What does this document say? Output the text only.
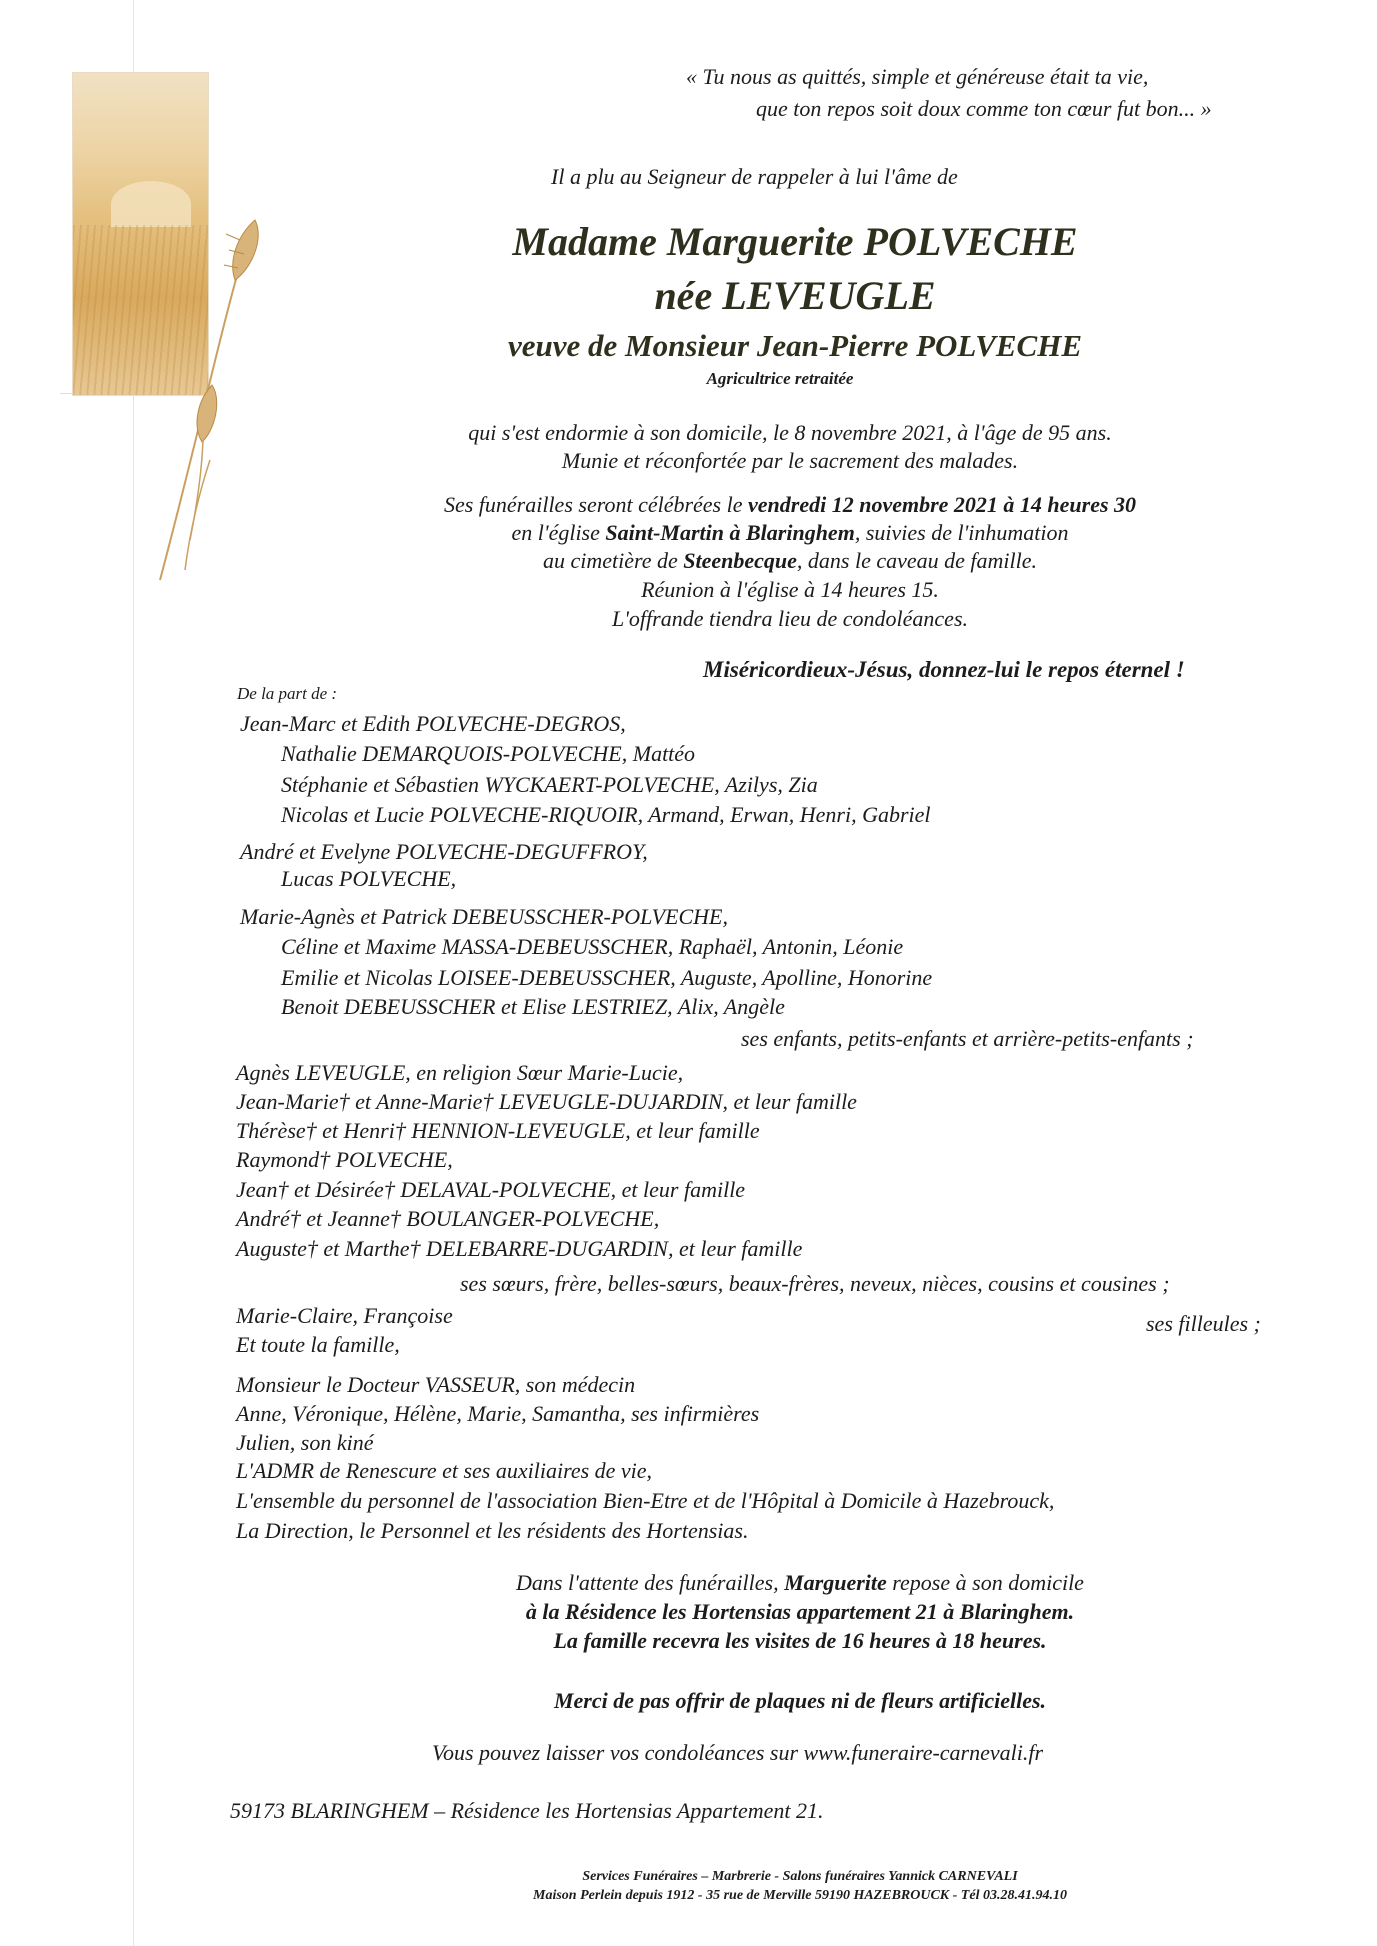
« Tu nous as quittés, simple et généreuse était ta vie,
que ton repos soit doux comme ton cœur fut bon... »
Il a plu au Seigneur de rappeler à lui l'âme de
Madame Marguerite POLVECHE
née LEVEUGLE
veuve de Monsieur Jean-Pierre POLVECHE
Agricultrice retraitée
qui s'est endormie à son domicile, le 8 novembre 2021, à l'âge de 95 ans.
Munie et réconfortée par le sacrement des malades.
Ses funérailles seront célébrées le vendredi 12 novembre 2021 à 14 heures 30
en l'église Saint-Martin à Blaringhem, suivies de l'inhumation
au cimetière de Steenbecque, dans le caveau de famille.
Réunion à l'église à 14 heures 15.
L'offrande tiendra lieu de condoléances.
Miséricordieux-Jésus, donnez-lui le repos éternel !
De la part de :
Jean-Marc et Edith POLVECHE-DEGROS,
Nathalie DEMARQUOIS-POLVECHE, Mattéo
Stéphanie et Sébastien WYCKAERT-POLVECHE, Azilys, Zia
Nicolas et Lucie POLVECHE-RIQUOIR, Armand, Erwan, Henri, Gabriel
André et Evelyne POLVECHE-DEGUFFROY,
Lucas POLVECHE,
Marie-Agnès et Patrick DEBEUSSCHER-POLVECHE,
Céline et Maxime MASSA-DEBEUSSCHER, Raphaël, Antonin, Léonie
Emilie et Nicolas LOISEE-DEBEUSSCHER, Auguste, Apolline, Honorine
Benoit DEBEUSSCHER et Elise LESTRIEZ, Alix, Angèle
ses enfants, petits-enfants et arrière-petits-enfants ;
Agnès LEVEUGLE, en religion Sœur Marie-Lucie,
Jean-Marie† et Anne-Marie† LEVEUGLE-DUJARDIN, et leur famille
Thérèse† et Henri† HENNION-LEVEUGLE, et leur famille
Raymond† POLVECHE,
Jean† et Désirée† DELAVAL-POLVECHE, et leur famille
André† et Jeanne† BOULANGER-POLVECHE,
Auguste† et Marthe† DELEBARRE-DUGARDIN, et leur famille
ses sœurs, frère, belles-sœurs, beaux-frères, neveux, nièces, cousins et cousines ;
Marie-Claire, Françoise	ses filleules ;
Et toute la famille,
Monsieur le Docteur VASSEUR, son médecin
Anne, Véronique, Hélène, Marie, Samantha, ses infirmières
Julien, son kiné
L'ADMR de Renescure et ses auxiliaires de vie,
L'ensemble du personnel de l'association Bien-Etre et de l'Hôpital à Domicile à Hazebrouck,
La Direction, le Personnel et les résidents des Hortensias.
Dans l'attente des funérailles, Marguerite repose à son domicile
à la Résidence les Hortensias appartement 21 à Blaringhem.
La famille recevra les visites de 16 heures à 18 heures.
Merci de pas offrir de plaques ni de fleurs artificielles.
Vous pouvez laisser vos condoléances sur www.funeraire-carnevali.fr
59173 BLARINGHEM – Résidence les Hortensias Appartement 21.
Services Funéraires – Marbrerie - Salons funéraires Yannick CARNEVALI
Maison Perlein depuis 1912 - 35 rue de Merville 59190 HAZEBROUCK - Tél 03.28.41.94.10
